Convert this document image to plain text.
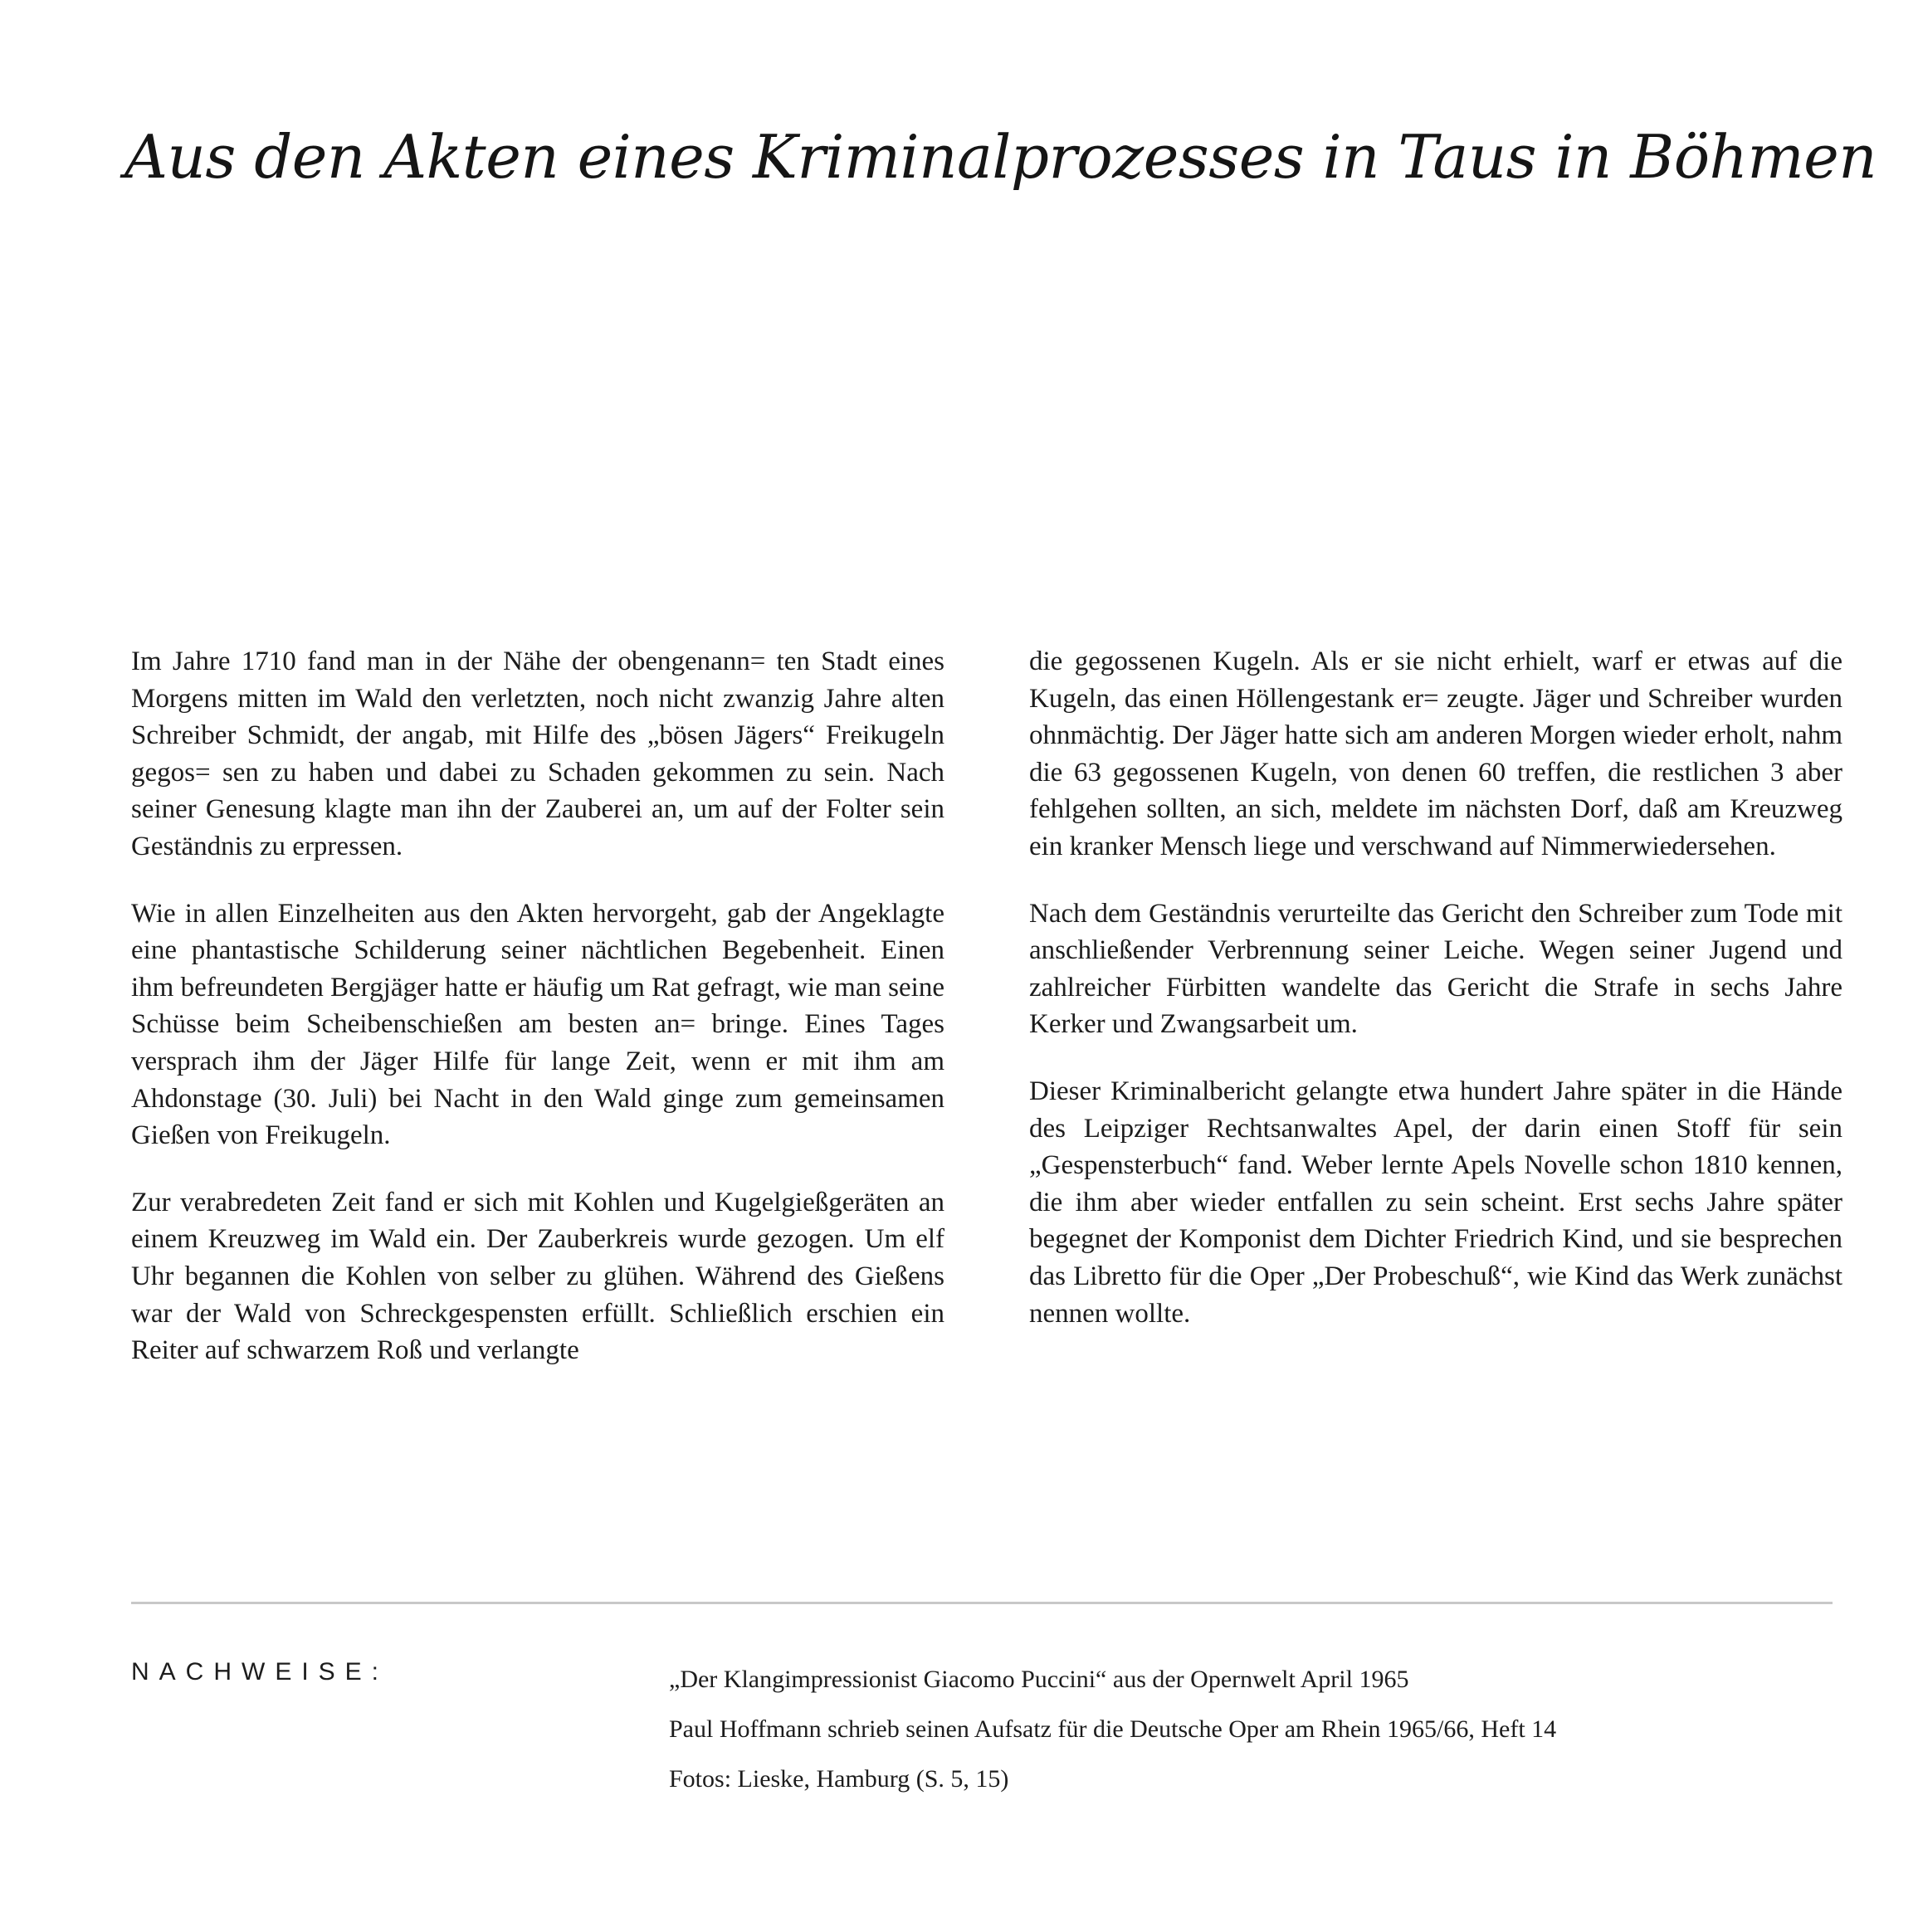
Aus den Akten eines Kriminalprozesses in Taus in Böhmen

Im Jahre 1710 fand man in der Nähe der obengenann= ten Stadt eines Morgens mitten im Wald den verletzten, noch nicht zwanzig Jahre alten Schreiber Schmidt, der angab, mit Hilfe des „bösen Jägers“ Freikugeln gegos= sen zu haben und dabei zu Schaden gekommen zu sein. Nach seiner Genesung klagte man ihn der Zauberei an, um auf der Folter sein Geständnis zu erpressen.

Wie in allen Einzelheiten aus den Akten hervorgeht, gab der Angeklagte eine phantastische Schilderung seiner nächtlichen Begebenheit. Einen ihm befreundeten Bergjäger hatte er häufig um Rat gefragt, wie man seine Schüsse beim Scheibenschießen am besten an= bringe. Eines Tages versprach ihm der Jäger Hilfe für lange Zeit, wenn er mit ihm am Ahdonstage (30. Juli) bei Nacht in den Wald ginge zum gemeinsamen Gießen von Freikugeln.

Zur verabredeten Zeit fand er sich mit Kohlen und Kugelgießgeräten an einem Kreuzweg im Wald ein. Der Zauberkreis wurde gezogen. Um elf Uhr begannen die Kohlen von selber zu glühen. Während des Gießens war der Wald von Schreckgespensten erfüllt. Schließlich erschien ein Reiter auf schwarzem Roß und verlangte

die gegossenen Kugeln. Als er sie nicht erhielt, warf er etwas auf die Kugeln, das einen Höllengestank er= zeugte. Jäger und Schreiber wurden ohnmächtig. Der Jäger hatte sich am anderen Morgen wieder erholt, nahm die 63 gegossenen Kugeln, von denen 60 treffen, die restlichen 3 aber fehlgehen sollten, an sich, meldete im nächsten Dorf, daß am Kreuzweg ein kranker Mensch liege und verschwand auf Nimmerwiedersehen.

Nach dem Geständnis verurteilte das Gericht den Schreiber zum Tode mit anschließender Verbrennung seiner Leiche. Wegen seiner Jugend und zahlreicher Fürbitten wandelte das Gericht die Strafe in sechs Jahre Kerker und Zwangsarbeit um.

Dieser Kriminalbericht gelangte etwa hundert Jahre später in die Hände des Leipziger Rechtsanwaltes Apel, der darin einen Stoff für sein „Gespensterbuch“ fand. Weber lernte Apels Novelle schon 1810 kennen, die ihm aber wieder entfallen zu sein scheint. Erst sechs Jahre später begegnet der Komponist dem Dichter Friedrich Kind, und sie besprechen das Libretto für die Oper „Der Probeschuß“, wie Kind das Werk zunächst nennen wollte.

NACHWEISE:	„Der Klangimpressionist Giacomo Puccini“ aus der Opernwelt April 1965
Paul Hoffmann schrieb seinen Aufsatz für die Deutsche Oper am Rhein 1965/66, Heft 14
Fotos: Lieske, Hamburg (S. 5, 15)
